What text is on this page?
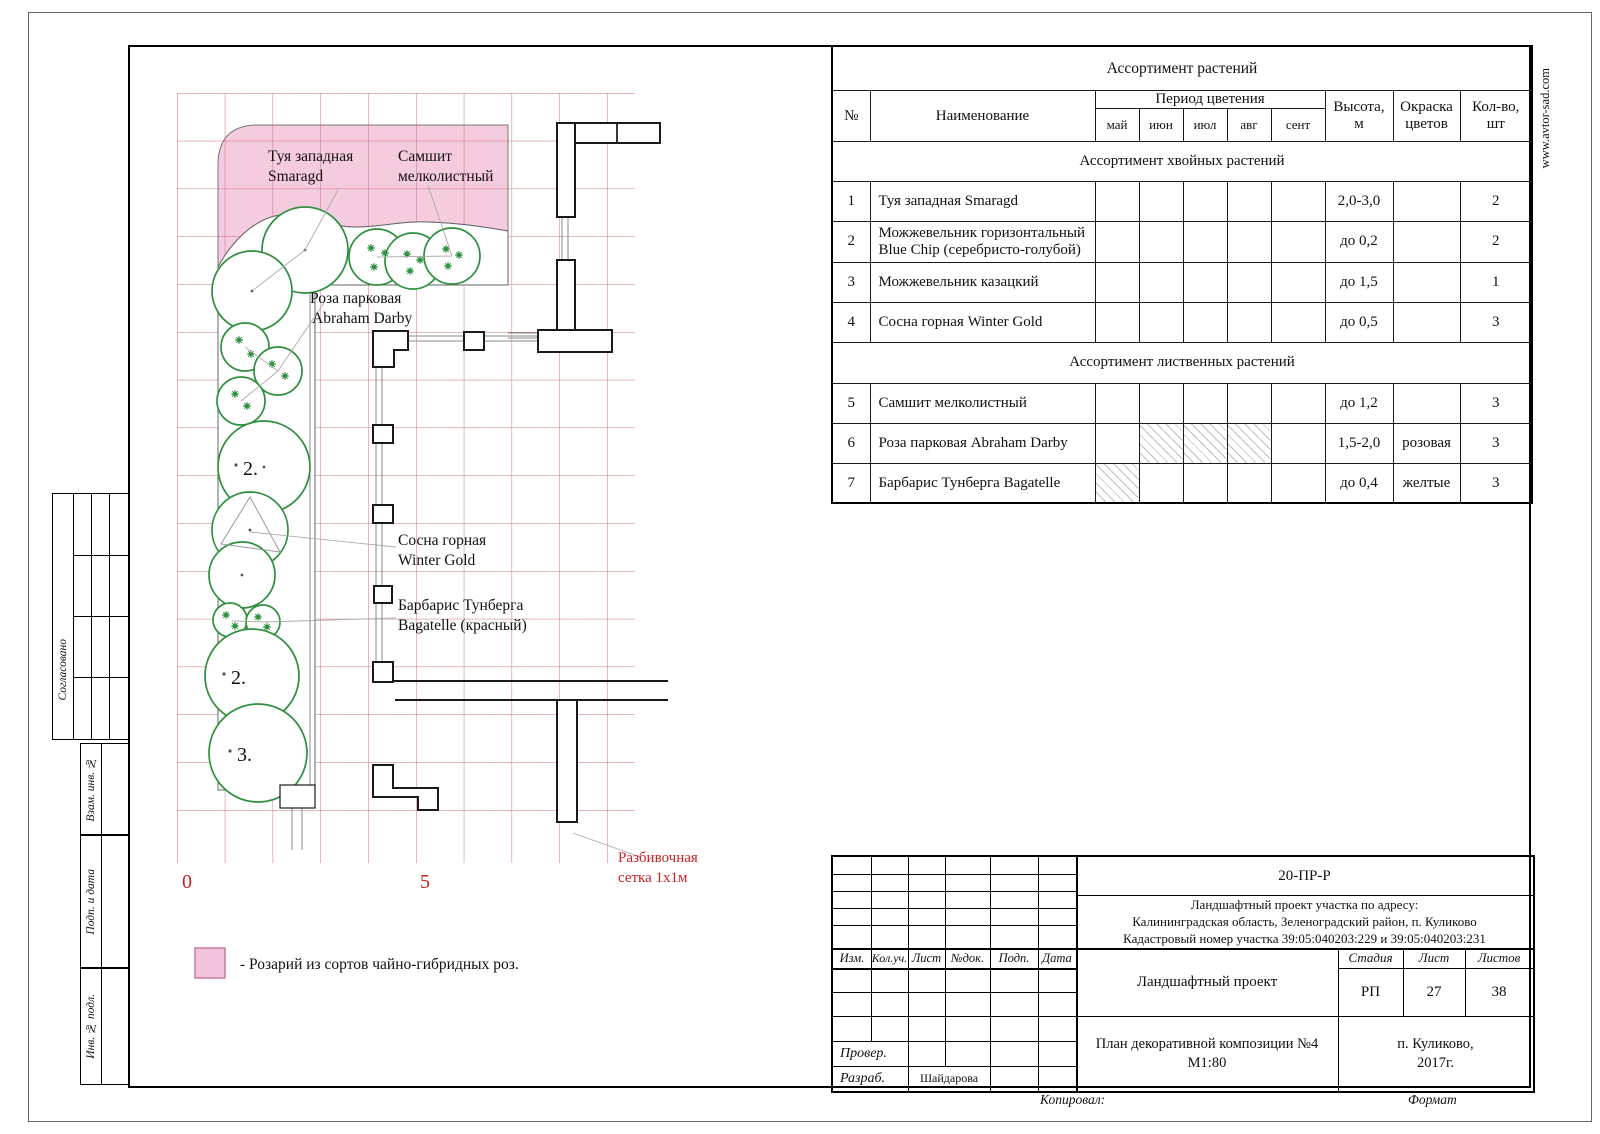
Согласовано
Взам. инв. №
Подп. и дата
Инв. № подл.
www.avtor-sad.com
Туя западная
Smaragd
Самшит
мелколистный
Роза парковая
Abraham Darby
Сосна горная
Winter Gold
Барбарис Тунберга
Bagatelle (красный)
2.
2.
3.
0	5
Разбивочная
сетка 1х1м
- Розарий из сортов чайно-гибридных роз.
Ассортимент растений									
№	Наименование	Период цветения					Высота, м	Окраска цветов	Кол-во, шт
		май	июн	июл	авг	сент			
Ассортимент хвойных растений									
1	Туя западная Smaragd						2,0-3,0		2
2	Можжевельник горизонтальный Blue Chip (серебристо-голубой)						до 0,2		2
3	Можжевельник казацкий						до 1,5		1
4	Сосна горная Winter Gold						до 0,5		3
Ассортимент лиственных растений									
5	Самшит мелколистный						до 1,2		3
6	Роза парковая Abraham Darby						1,5-2,0	розовая	3
7	Барбарис Тунберга Bagatelle						до 0,4	желтые	3
Изм. Кол.уч. Лист №док.	Подп.	Дата
Провер.
Разраб.	Шайдарова
20-ПР-Р
Ландшафтный проект участка по адресу:
Калининградская область, Зеленоградский район, п. Куликово
Кадастровый номер участка 39:05:040203:229 и 39:05:040203:231
Ландшафтный проект
Стадия	Лист	Листов
РП	27	38
План декоративной композиции №4
М1:80
п. Куликово,
2017г.
Копировал:	Формат
